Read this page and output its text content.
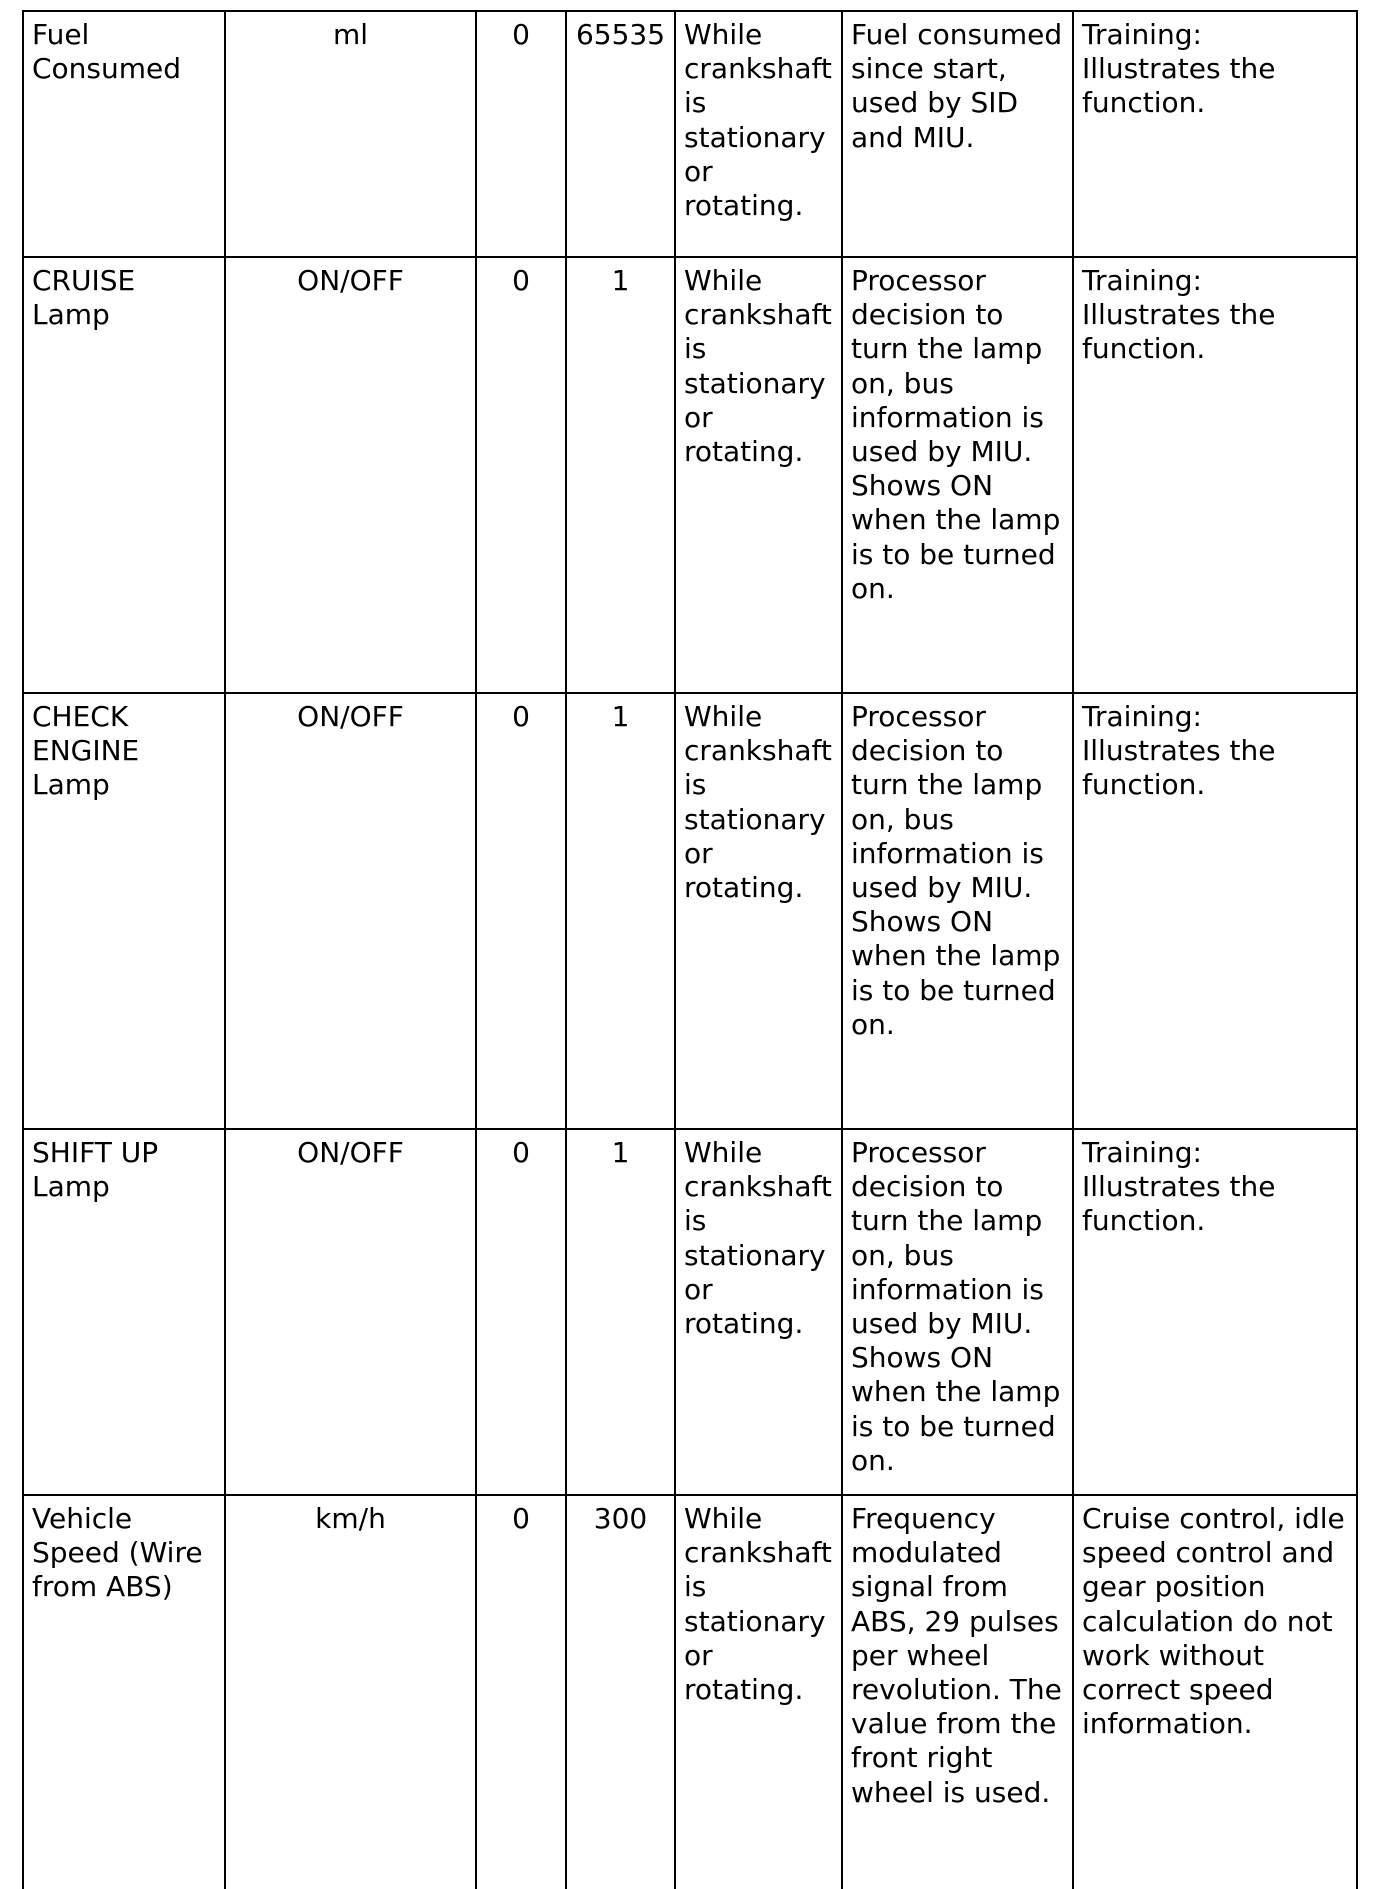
Fuel Consumed	ml	0	65535	While crankshaft is stationary or rotating.	Fuel consumed since start, used by SID and MIU.	Training: Illustrates the function.
CRUISE Lamp	ON/OFF	0	1	While crankshaft is stationary or rotating.	Processor decision to turn the lamp on, bus information is used by MIU. Shows ON when the lamp is to be turned on.	Training: Illustrates the function.
CHECK ENGINE Lamp	ON/OFF	0	1	While crankshaft is stationary or rotating.	Processor decision to turn the lamp on, bus information is used by MIU. Shows ON when the lamp is to be turned on.	Training: Illustrates the function.
SHIFT UP Lamp	ON/OFF	0	1	While crankshaft is stationary or rotating.	Processor decision to turn the lamp on, bus information is used by MIU. Shows ON when the lamp is to be turned on.	Training: Illustrates the function.
Vehicle Speed (Wire from ABS)	km/h	0	300	While crankshaft is stationary or rotating.	Frequency modulated signal from ABS, 29 pulses per wheel revolution. The value from the front right wheel is used.	Cruise control, idle speed control and gear position calculation do not work without correct speed information.
